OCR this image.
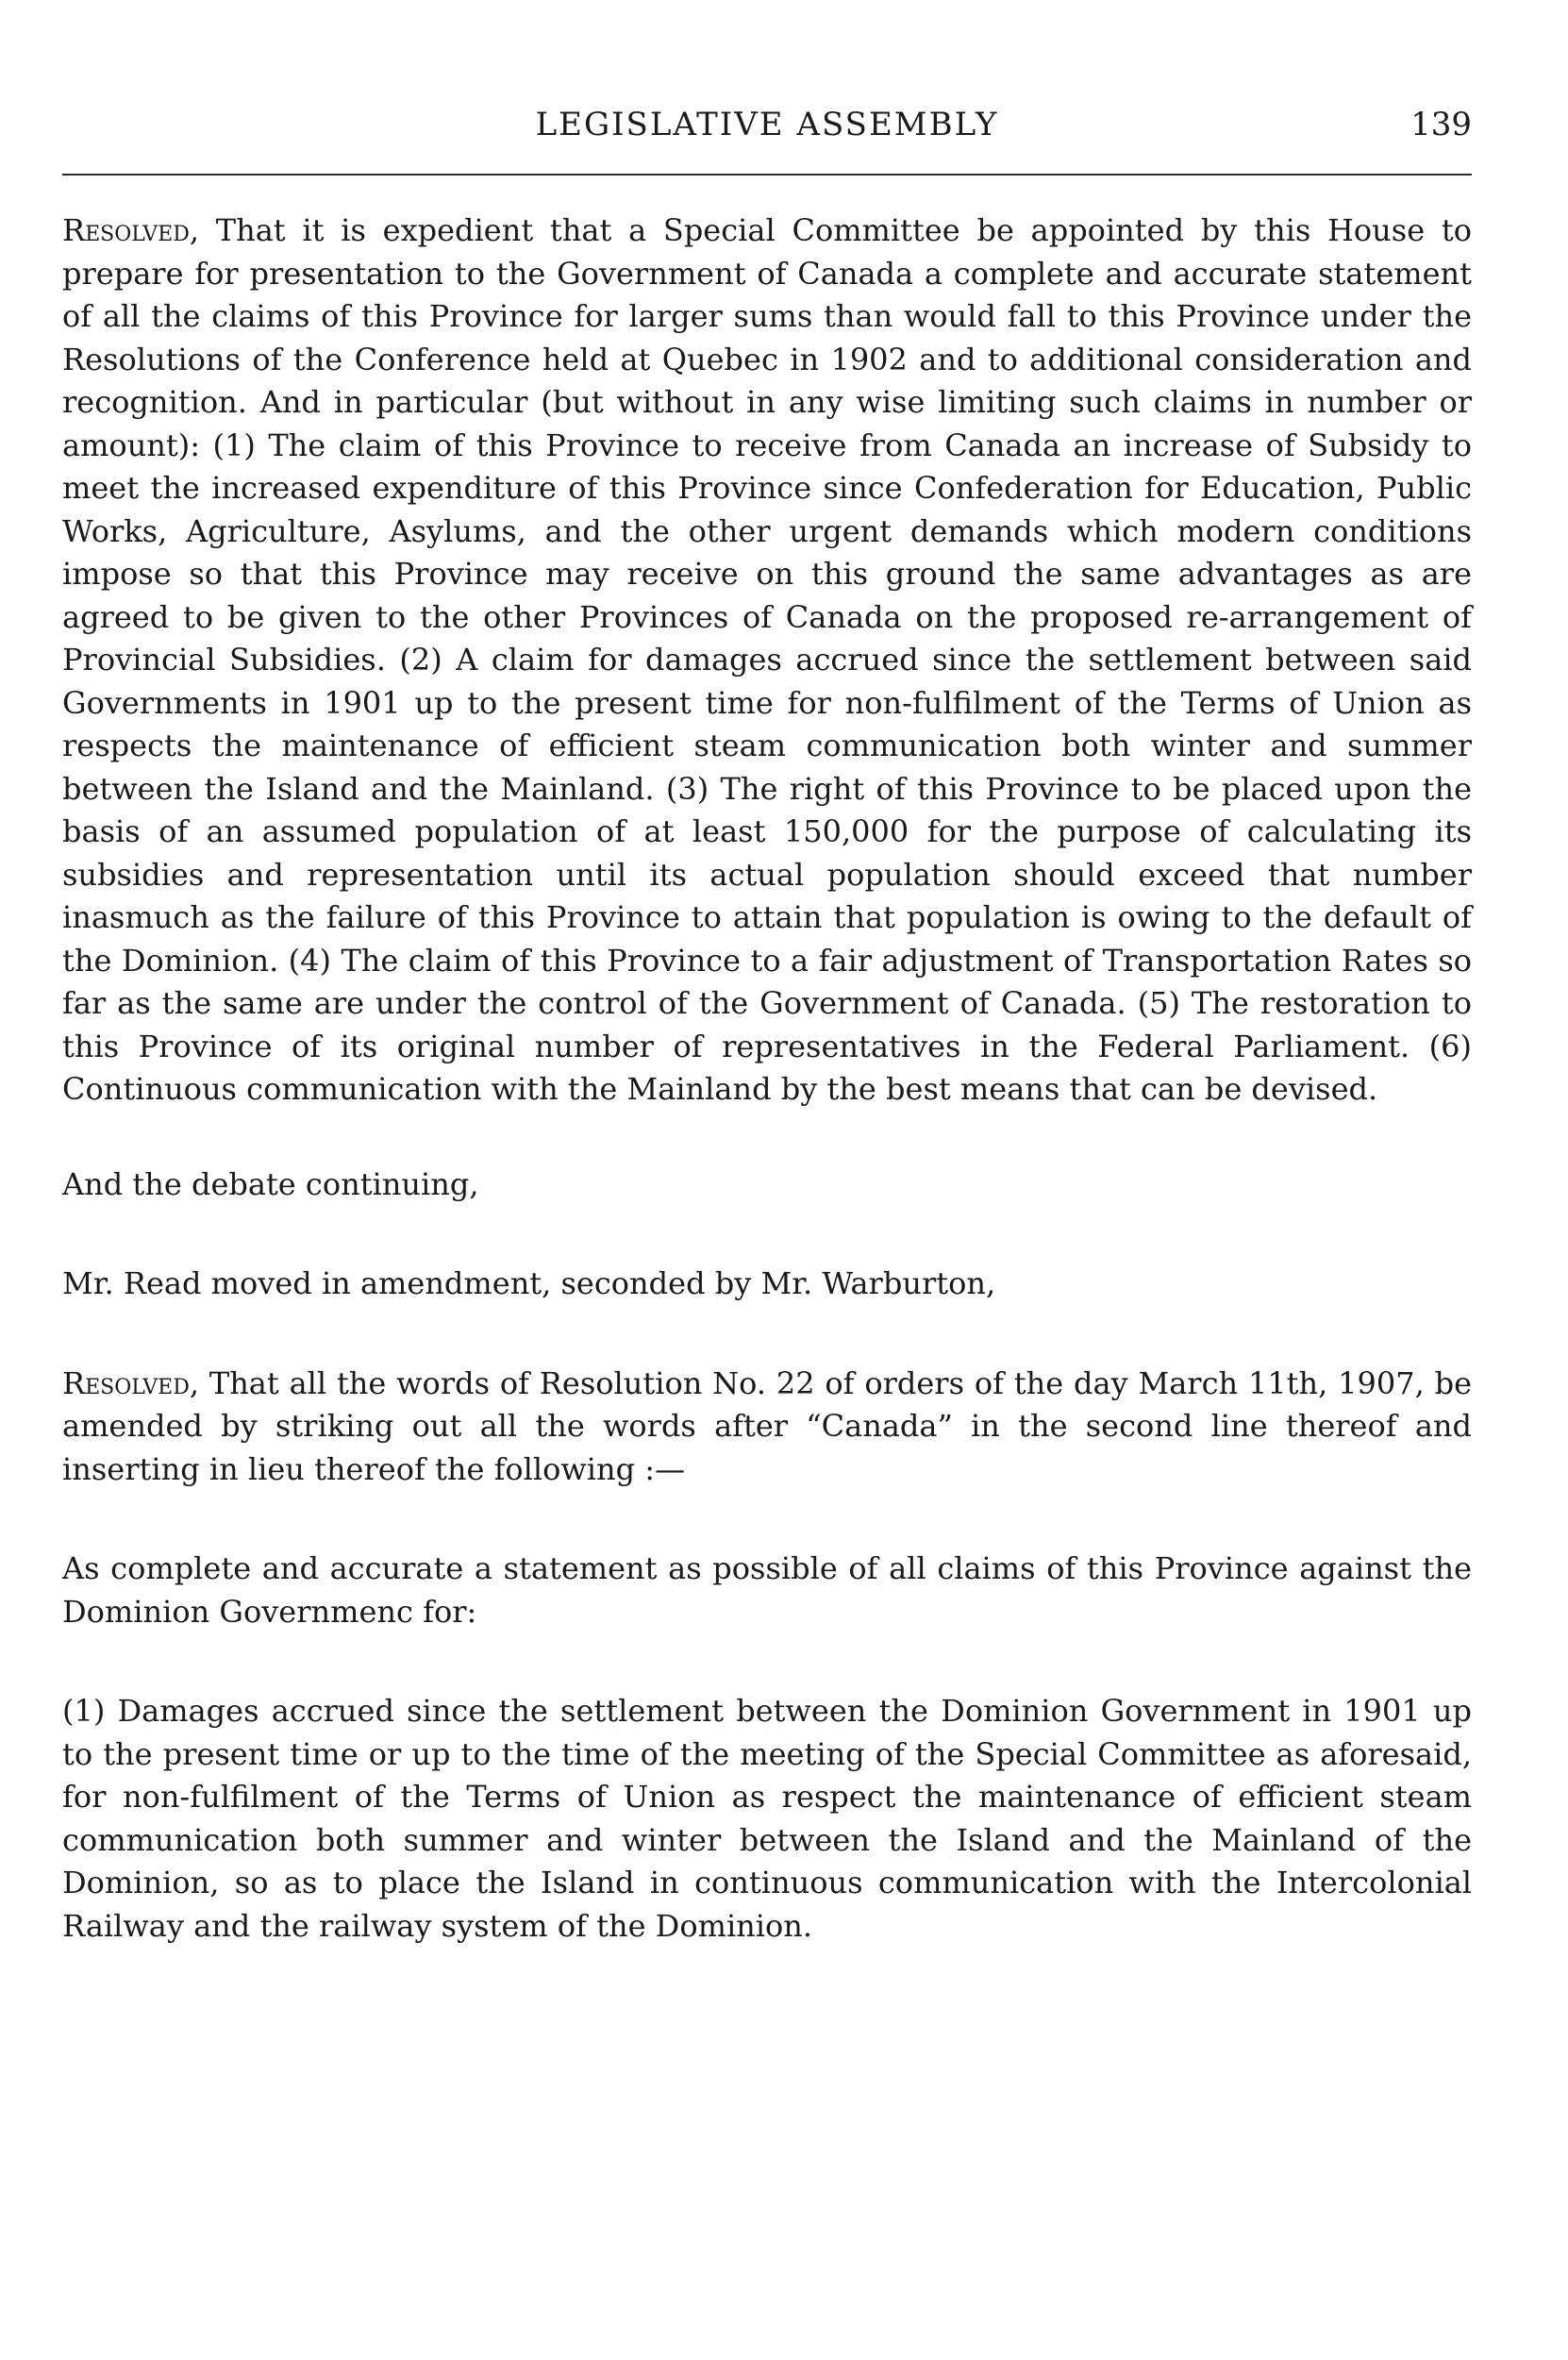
LEGISLATIVE ASSEMBLY	139

Resolved, That it is expedient that a Special Committee be appointed by this House to prepare for presentation to the Government of Canada a complete and accurate statement of all the claims of this Province for larger sums than would fall to this Province under the Resolutions of the Conference held at Quebec in 1902 and to additional consideration and recognition. And in particular (but without in any wise limiting such claims in number or amount): (1) The claim of this Province to receive from Canada an increase of Subsidy to meet the increased expenditure of this Province since Confederation for Education, Public Works, Agriculture, Asylums, and the other urgent demands which modern conditions impose so that this Province may receive on this ground the same advantages as are agreed to be given to the other Provinces of Canada on the proposed re-arrangement of Provincial Subsidies. (2) A claim for damages accrued since the settlement between said Governments in 1901 up to the present time for non-fulfilment of the Terms of Union as respects the maintenance of efficient steam communication both winter and summer between the Island and the Mainland. (3) The right of this Province to be placed upon the basis of an assumed population of at least 150,000 for the purpose of calculating its subsidies and representation until its actual population should exceed that number inasmuch as the failure of this Province to attain that population is owing to the default of the Dominion. (4) The claim of this Province to a fair adjustment of Transportation Rates so far as the same are under the control of the Government of Canada. (5) The restoration to this Province of its original number of representatives in the Federal Parliament. (6) Continuous communication with the Mainland by the best means that can be devised.

And the debate continuing,

Mr. Read moved in amendment, seconded by Mr. Warburton,

Resolved, That all the words of Resolution No. 22 of orders of the day March 11th, 1907, be amended by striking out all the words after “Canada” in the second line thereof and inserting in lieu thereof the following :—

As complete and accurate a statement as possible of all claims of this Province against the Dominion Governmenc for:

(1) Damages accrued since the settlement between the Dominion Government in 1901 up to the present time or up to the time of the meeting of the Special Committee as aforesaid, for non-fulfilment of the Terms of Union as respect the maintenance of efficient steam communication both summer and winter between the Island and the Mainland of the Dominion, so as to place the Island in continuous communication with the Intercolonial Railway and the railway system of the Dominion.
